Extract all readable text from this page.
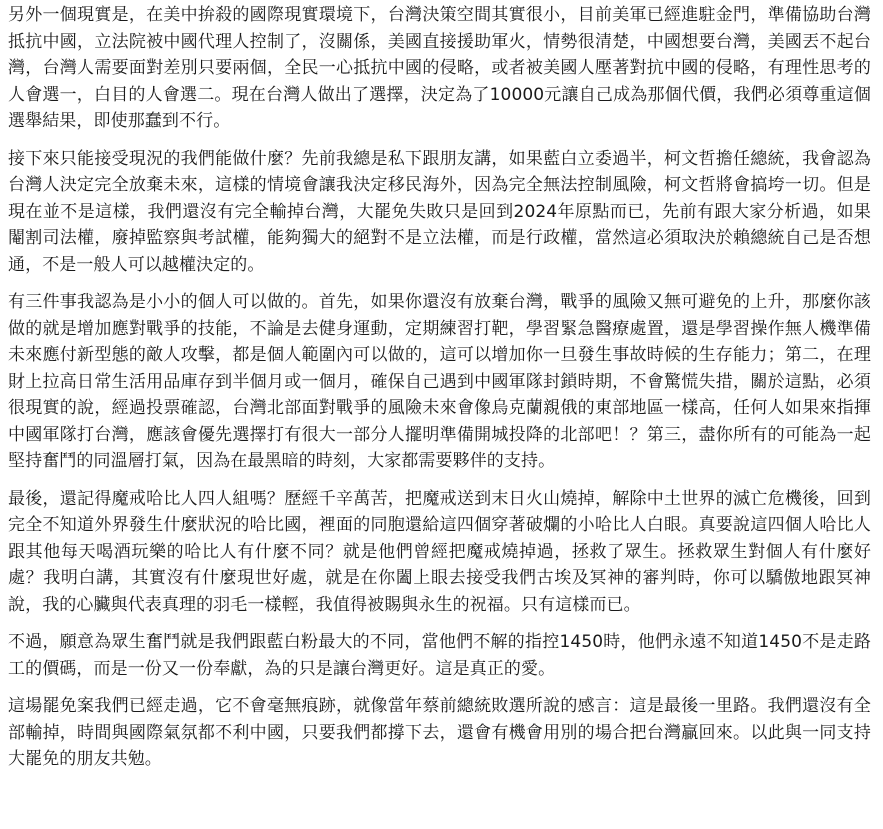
另外一個現實是，在美中拚殺的國際現實環境下，台灣決策空間其實很小，目前美軍已經進駐金門，準備協助台灣抵抗中國，立法院被中國代理人控制了，沒關係，美國直接援助軍火，情勢很清楚，中國想要台灣，美國丟不起台灣，台灣人需要面對差別只要兩個，全民一心抵抗中國的侵略，或者被美國人壓著對抗中國的侵略，有理性思考的人會選一，白目的人會選二。現在台灣人做出了選擇，決定為了10000元讓自己成為那個代價，我們必須尊重這個選舉結果，即使那蠢到不行。

接下來只能接受現況的我們能做什麼？先前我總是私下跟朋友講，如果藍白立委過半，柯文哲擔任總統，我會認為台灣人決定完全放棄未來，這樣的情境會讓我決定移民海外，因為完全無法控制風險，柯文哲將會搞垮一切。但是現在並不是這樣，我們還沒有完全輸掉台灣，大罷免失敗只是回到2024年原點而已，先前有跟大家分析過，如果閹割司法權，廢掉監察與考試權，能夠獨大的絕對不是立法權，而是行政權，當然這必須取決於賴總統自己是否想通，不是一般人可以越權決定的。

有三件事我認為是小小的個人可以做的。首先，如果你還沒有放棄台灣，戰爭的風險又無可避免的上升，那麼你該做的就是增加應對戰爭的技能，不論是去健身運動，定期練習打靶，學習緊急醫療處置，還是學習操作無人機準備未來應付新型態的敵人攻擊，都是個人範圍內可以做的，這可以增加你一旦發生事故時候的生存能力；第二，在理財上拉高日常生活用品庫存到半個月或一個月，確保自己遇到中國軍隊封鎖時期，不會驚慌失措，關於這點，必須很現實的說，經過投票確認，台灣北部面對戰爭的風險未來會像烏克蘭親俄的東部地區一樣高，任何人如果來指揮中國軍隊打台灣，應該會優先選擇打有很大一部分人擺明準備開城投降的北部吧！？第三，盡你所有的可能為一起堅持奮鬥的同溫層打氣，因為在最黑暗的時刻，大家都需要夥伴的支持。

最後，還記得魔戒哈比人四人組嗎？歷經千辛萬苦，把魔戒送到末日火山燒掉，解除中土世界的滅亡危機後，回到完全不知道外界發生什麼狀況的哈比國，裡面的同胞還給這四個穿著破爛的小哈比人白眼。真要說這四個人哈比人跟其他每天喝酒玩樂的哈比人有什麼不同？就是他們曾經把魔戒燒掉過，拯救了眾生。拯救眾生對個人有什麼好處？我明白講，其實沒有什麼現世好處，就是在你闔上眼去接受我們古埃及冥神的審判時，你可以驕傲地跟冥神說，我的心臟與代表真理的羽毛一樣輕，我值得被賜與永生的祝福。只有這樣而已。

不過，願意為眾生奮鬥就是我們跟藍白粉最大的不同，當他們不解的指控1450時，他們永遠不知道1450不是走路工的價碼，而是一份又一份奉獻，為的只是讓台灣更好。這是真正的愛。

這場罷免案我們已經走過，它不會毫無痕跡，就像當年蔡前總統敗選所說的感言：這是最後一里路。我們還沒有全部輸掉，時間與國際氣氛都不利中國，只要我們都撐下去，還會有機會用別的場合把台灣贏回來。以此與一同支持大罷免的朋友共勉。
